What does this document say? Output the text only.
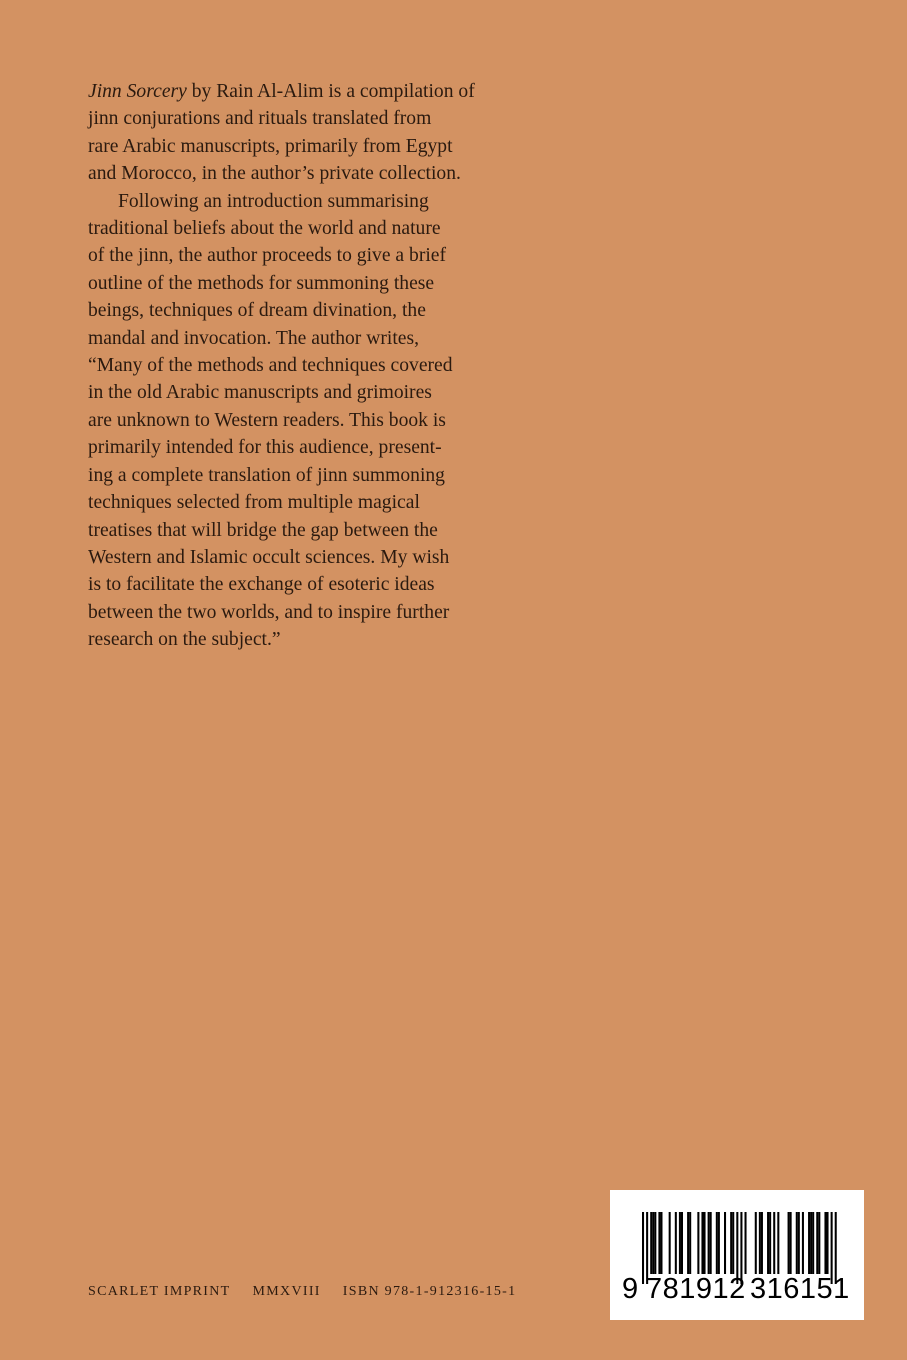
Jinn Sorcery by Rain Al-Alim is a compilation of
jinn conjurations and rituals translated from
rare Arabic manuscripts, primarily from Egypt
and Morocco, in the author’s private collection.

Following an introduction summarising
traditional beliefs about the world and nature
of the jinn, the author proceeds to give a brief
outline of the methods for summoning these
beings, techniques of dream divination, the
mandal and invocation. The author writes,
“Many of the methods and techniques covered
in the old Arabic manuscripts and grimoires
are unknown to Western readers. This book is
primarily intended for this audience, present-
ing a complete translation of jinn summoning
techniques selected from multiple magical
treatises that will bridge the gap between the
Western and Islamic occult sciences. My wish
is to facilitate the exchange of esoteric ideas
between the two worlds, and to inspire further
research on the subject.”

SCARLET IMPRINT MMXVIII ISBN 978-1-912316-15-1	9 781912 316151
